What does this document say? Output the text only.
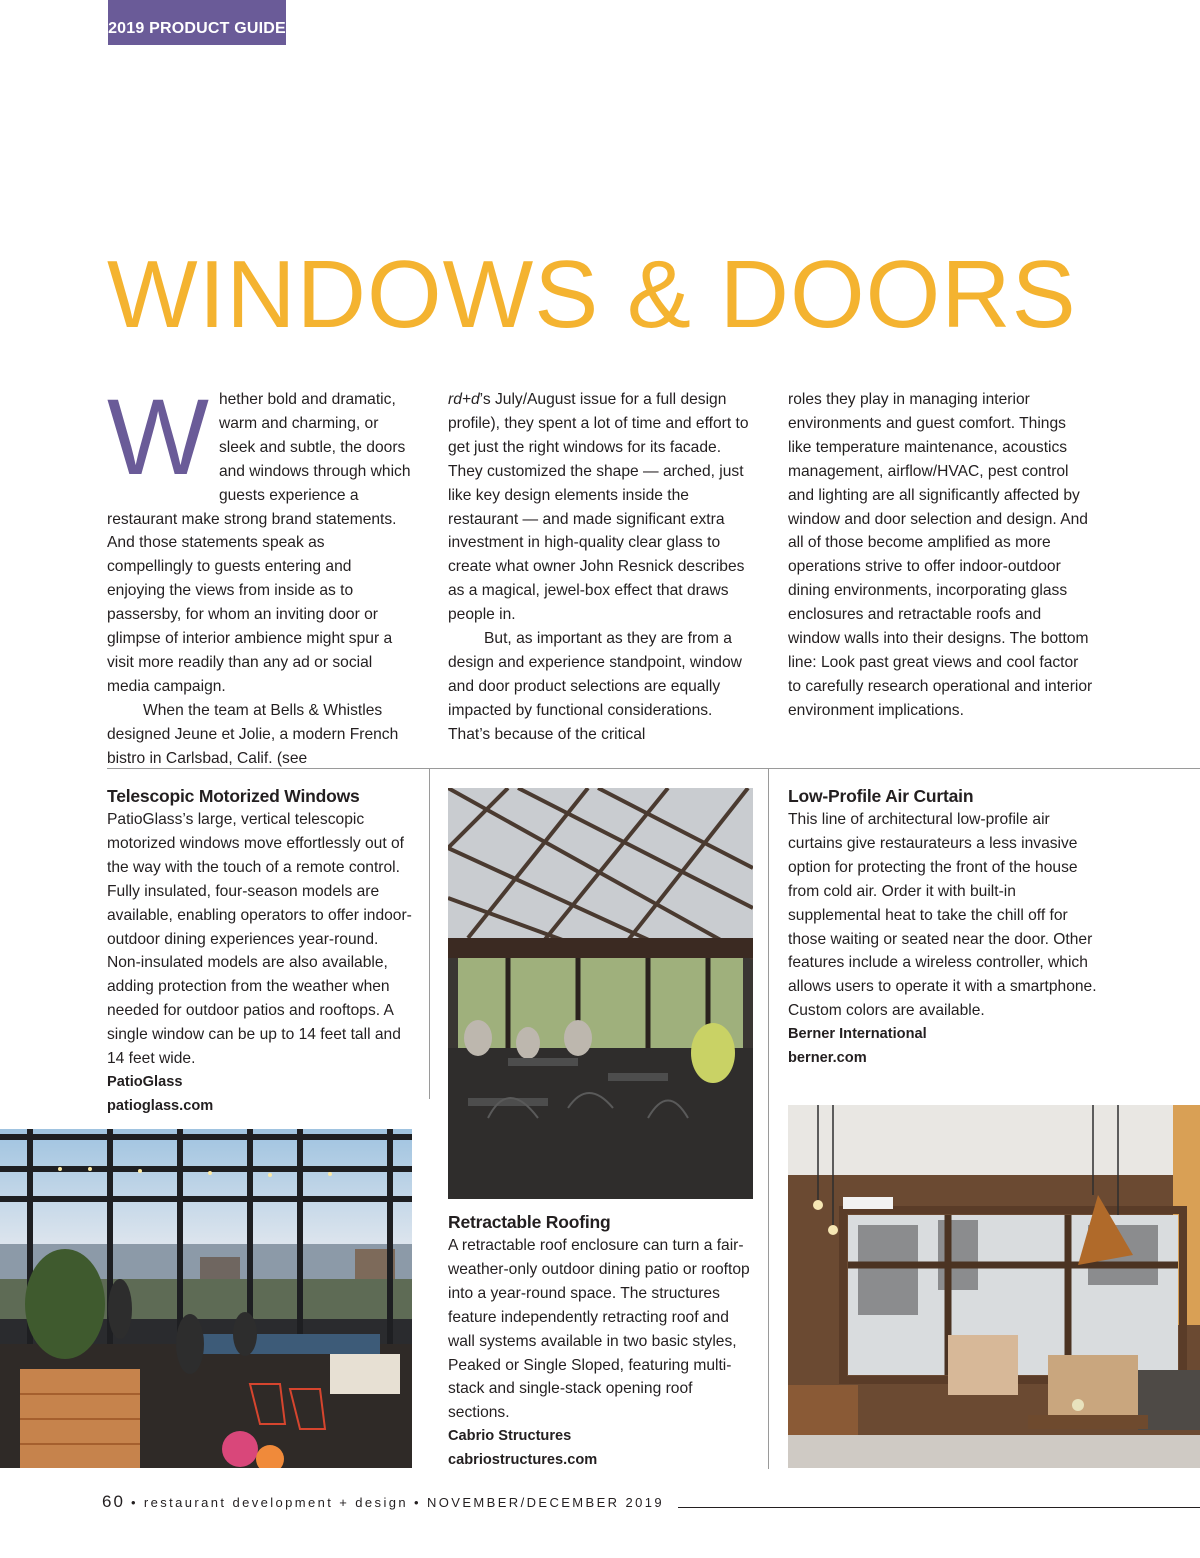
2019 PRODUCT GUIDE
WINDOWS & DOORS

Whether bold and dramatic, warm and charming, or sleek and subtle, the doors and windows through which guests experience a restaurant make strong brand statements. And those statements speak as compellingly to guests entering and enjoying the views from inside as to passersby, for whom an inviting door or glimpse of interior ambience might spur a visit more readily than any ad or social media campaign.

When the team at Bells & Whistles designed Jeune et Jolie, a modern French bistro in Carlsbad, Calif. (see

rd+d’s July/August issue for a full design profile), they spent a lot of time and effort to get just the right windows for its facade. They customized the shape — arched, just like key design elements inside the restaurant — and made significant extra investment in high-quality clear glass to create what owner John Resnick describes as a magical, jewel-box effect that draws people in.

But, as important as they are from a design and experience standpoint, window and door product selections are equally impacted by functional considerations. That’s because of the critical

roles they play in managing interior environments and guest comfort. Things like temperature maintenance, acoustics management, airflow/HVAC, pest control and lighting are all significantly affected by window and door selection and design. And all of those become amplified as more operations strive to offer indoor-outdoor dining environments, incorporating glass enclosures and retractable roofs and window walls into their designs. The bottom line: Look past great views and cool factor to carefully research operational and interior environment implications.

Telescopic Motorized Windows

PatioGlass’s large, vertical telescopic motorized windows move effortlessly out of the way with the touch of a remote control. Fully insulated, four-season models are available, enabling operators to offer indoor-outdoor dining experiences year-round. Non-insulated models are also available, adding protection from the weather when needed for outdoor patios and rooftops. A single window can be up to 14 feet tall and 14 feet wide.

PatioGlass
patioglass.com

Retractable Roofing

A retractable roof enclosure can turn a fair-weather-only outdoor dining patio or rooftop into a year-round space. The structures feature independently retracting roof and wall systems available in two basic styles, Peaked or Single Sloped, featuring multi-stack and single-stack opening roof sections.

Cabrio Structures
cabriostructures.com

Low-Profile Air Curtain

This line of architectural low-profile air curtains give restaurateurs a less invasive option for protecting the front of the house from cold air. Order it with built-in supplemental heat to take the chill off for those waiting or seated near the door. Other features include a wireless controller, which allows users to operate it with a smartphone. Custom colors are available.

Berner International
berner.com
60 • restaurant development + design • NOVEMBER/DECEMBER 2019
